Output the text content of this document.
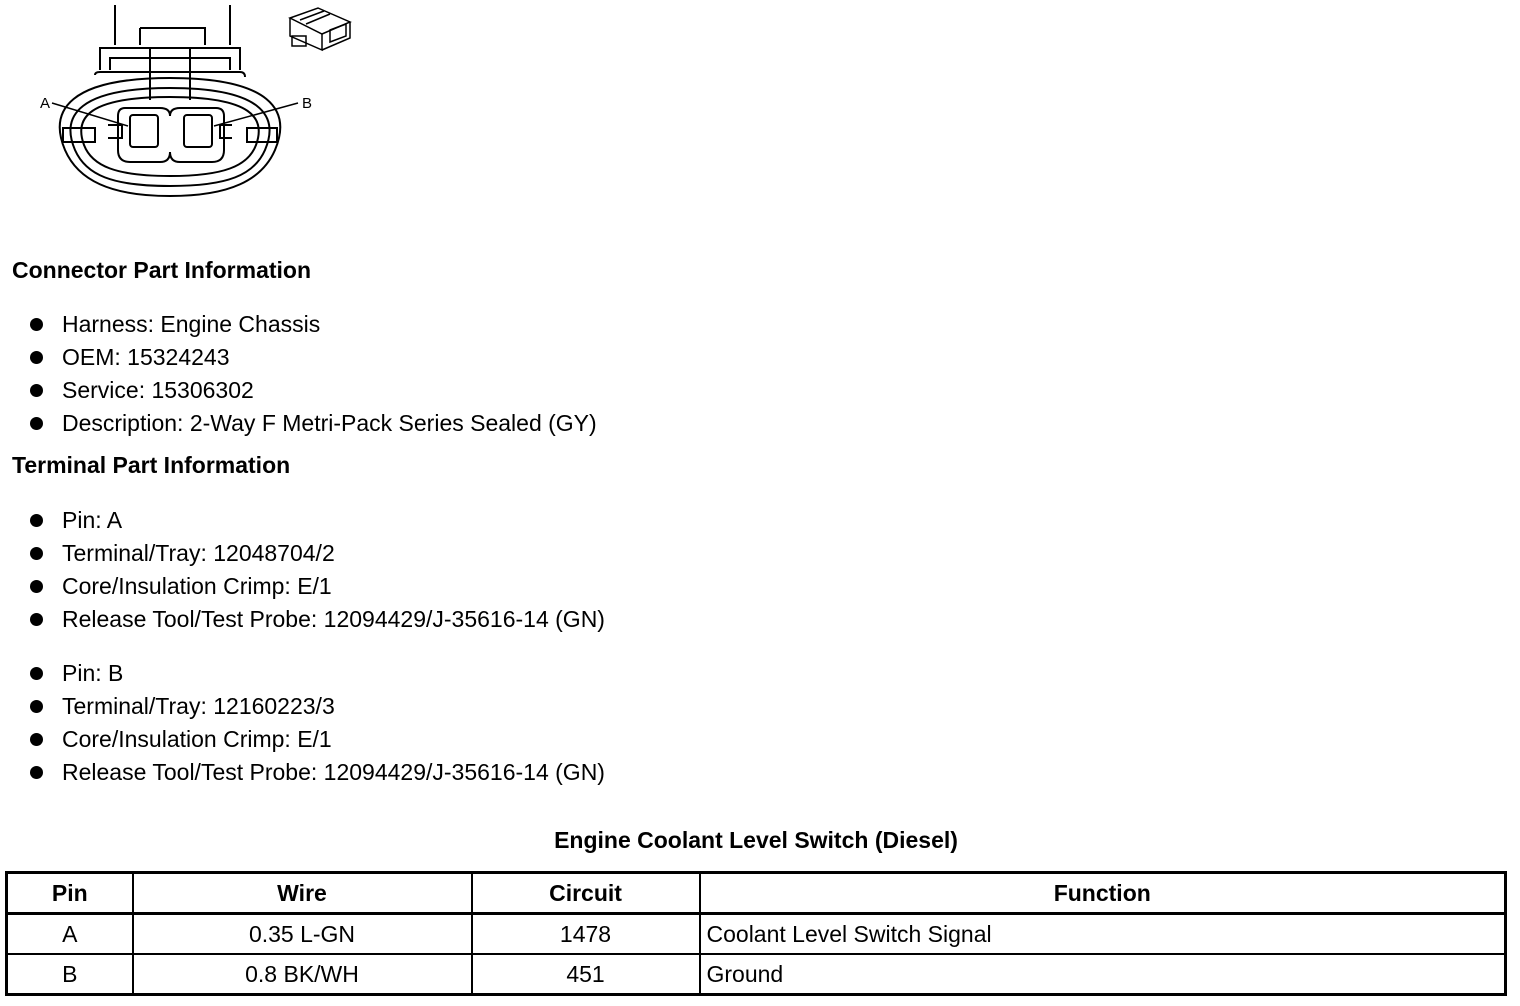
A	B
Connector Part Information
Harness: Engine Chassis
OEM: 15324243
Service: 15306302
Description: 2-Way F Metri-Pack Series Sealed (GY)
Terminal Part Information
Pin: A
Terminal/Tray: 12048704/2
Core/Insulation Crimp: E/1
Release Tool/Test Probe: 12094429/J-35616-14 (GN)
Pin: B
Terminal/Tray: 12160223/3
Core/Insulation Crimp: E/1
Release Tool/Test Probe: 12094429/J-35616-14 (GN)
Engine Coolant Level Switch (Diesel)
Pin	Wire	Circuit	Function
A	0.35 L-GN	1478	Coolant Level Switch Signal
B	0.8 BK/WH	451	Ground
